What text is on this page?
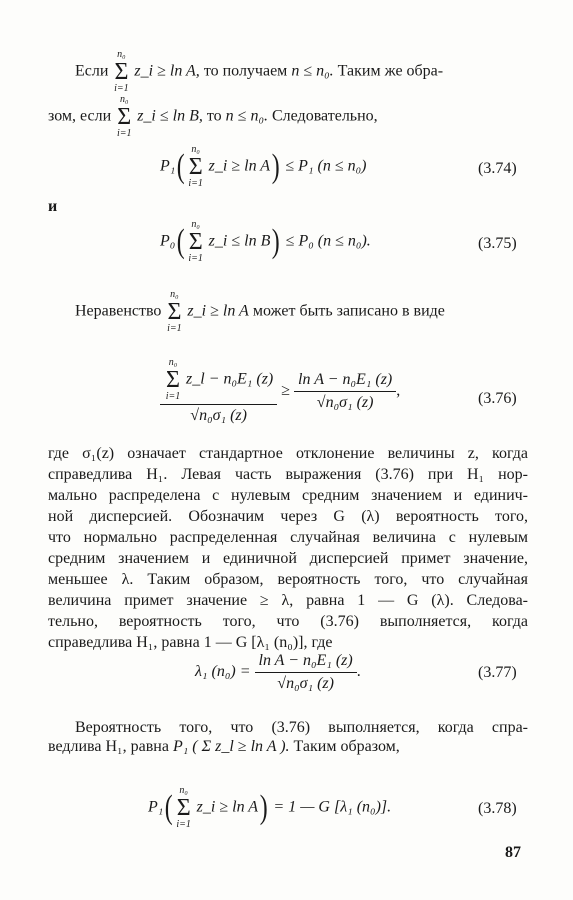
Если
n₀
Σ
i=1
z_i ≥ ln A, то получаем n ≤ n₀. Таким же обра-
зом, если
n₀
Σ
i=1
z_i ≤ ln B, то n ≤ n₀. Следовательно,
P₁( n₀
Σ
i=1
z_i ≥ ln A) ≤ P₁ (n ≤ n₀)	(3.74)
и
P₀( n₀
Σ
i=1
z_i ≤ ln B) ≤ P₀ (n ≤ n₀).	(3.75)
Неравенство
n₀
Σ
i=1
z_i ≥ ln A может быть записано в виде
n₀
Σ
i=1
z_l − n₀E₁ (z)
√n₀σ₁ $(z) \ge \frac{\text{ln A − n₀E₁ (z)}}{\text{√n₀σ₁ (z)}}$ ,	(3.76)
где σ₁(z) означает стандартное отклонение величины z, когда
справедлива H₁. Левая часть выражения (3.76) при H₁ нор-
мально распределена с нулевым средним значением и единич-
ной дисперсией. Обозначим через G (λ) вероятность того,
что нормально распределенная случайная величина с нулевым
средним значением и единичной дисперсией примет значение,
меньшее λ. Таким образом, вероятность того, что случайная
величина примет значение ≥ λ, равна 1 — G (λ). Следова-
тельно, вероятность того, что (3.76) выполняется, когда
справедлива H₁, равна 1 — G [λ₁ (n₀)], где
λ₁ $(n_0) = \frac{\text{ln A − n₀E₁ (z)}}{\text{√n₀σ₁ (z)}}$ .	(3.77)
Вероятность того, что (3.76) выполняется, когда спра-
ведлива H₁, равна P₁ ( Σ z_l ≥ ln A ). Таким образом,
P₁( n₀
Σ
i=1
z_i ≥ ln A) = 1 — G [λ₁ (n₀)].	(3.78)
87
